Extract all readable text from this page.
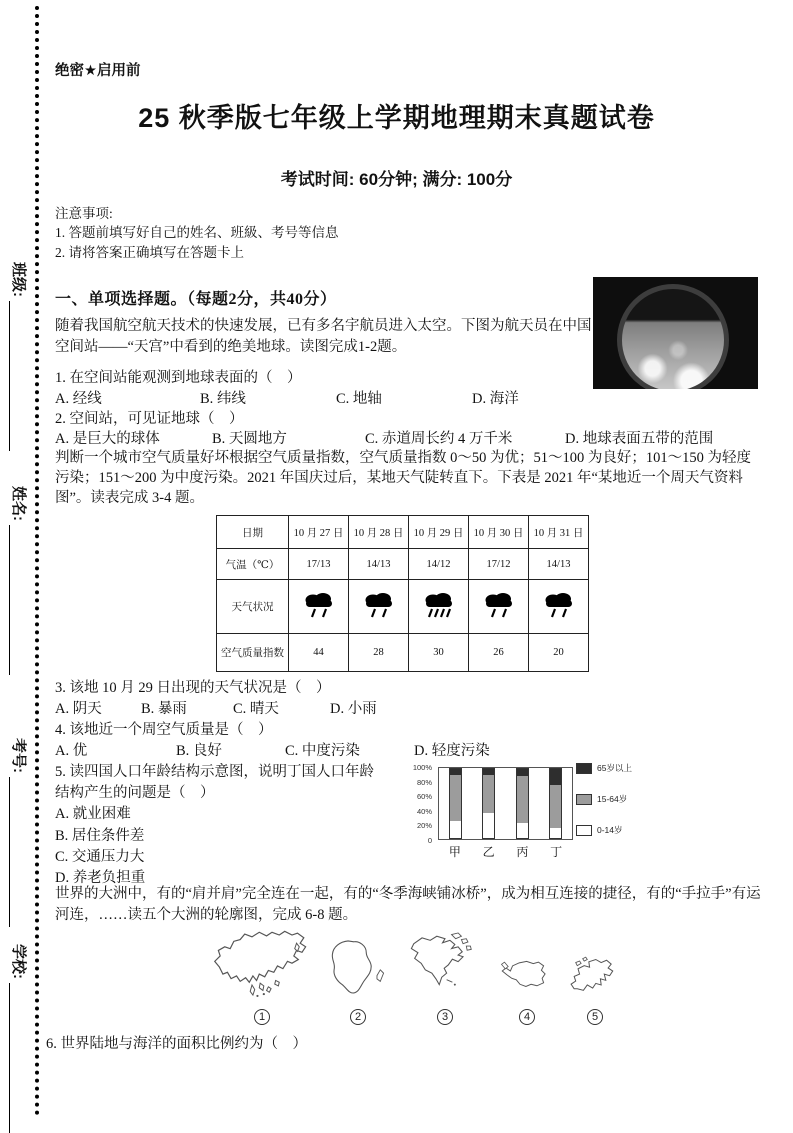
班级:
姓名:
考号:
学校:
绝密★启用前
25 秋季版七年级上学期地理期末真题试卷
考试时间: 60分钟; 满分: 100分
注意事项:
1. 答题前填写好自己的姓名、班級、考号等信息
2. 请将答案正确填写在答题卡上
一、单项选择题。（每题2分，共40分）
随着我国航空航天技术的快速发展，已有多名宇航员进入太空。下图为航天员在中国空间站——“天宫”中看到的绝美地球。读图完成1-2题。
1. 在空间站能观测到地球表面的（　）
A. 经线	B. 纬线	C. 地轴	D. 海洋
2. 空间站，可见证地球（　）
A. 是巨大的球体	B. 天圆地方	C. 赤道周长约 4 万千米	D. 地球表面五带的范围
判断一个城市空气质量好坏根据空气质量指数，空气质量指数 0～50 为优；51～100 为良好；101～150 为轻度污染；151～200 为中度污染。2021 年国庆过后，某地天气陡转直下。下表是 2021 年“某地近一个周天气资料图”。读表完成 3-4 题。
日期	10 月 27 日	10 月 28 日	10 月 29 日	10 月 30 日	10 月 31 日
气温（℃）	17/13	14/13	14/12	17/12	14/13
天气状况					
空气质量指数	44	28	30	26	20
3. 该地 10 月 29 日出现的天气状况是（　）
A. 阴天	B. 暴雨	C. 晴天	D. 小雨
4. 该地近一个周空气质量是（　）
A. 优	B. 良好	C. 中度污染	D. 轻度污染
5. 读四国人口年龄结构示意图，说明丁国人口年龄
结构产生的问题是（　）
A. 就业困难
B. 居住条件差
C. 交通压力大
D. 养老负担重
100%
80%
60%
40%
20%
0
甲 乙 丙 丁
65岁以上
15-64岁
0-14岁
世界的大洲中，有的“肩并肩”完全连在一起，有的“冬季海峡铺冰桥”，成为相互连接的捷径，有的“手拉手”有运河连，……读五个大洲的轮廓图，完成 6-8 题。
1	2	3	4	5
6. 世界陆地与海洋的面积比例约为（　）
